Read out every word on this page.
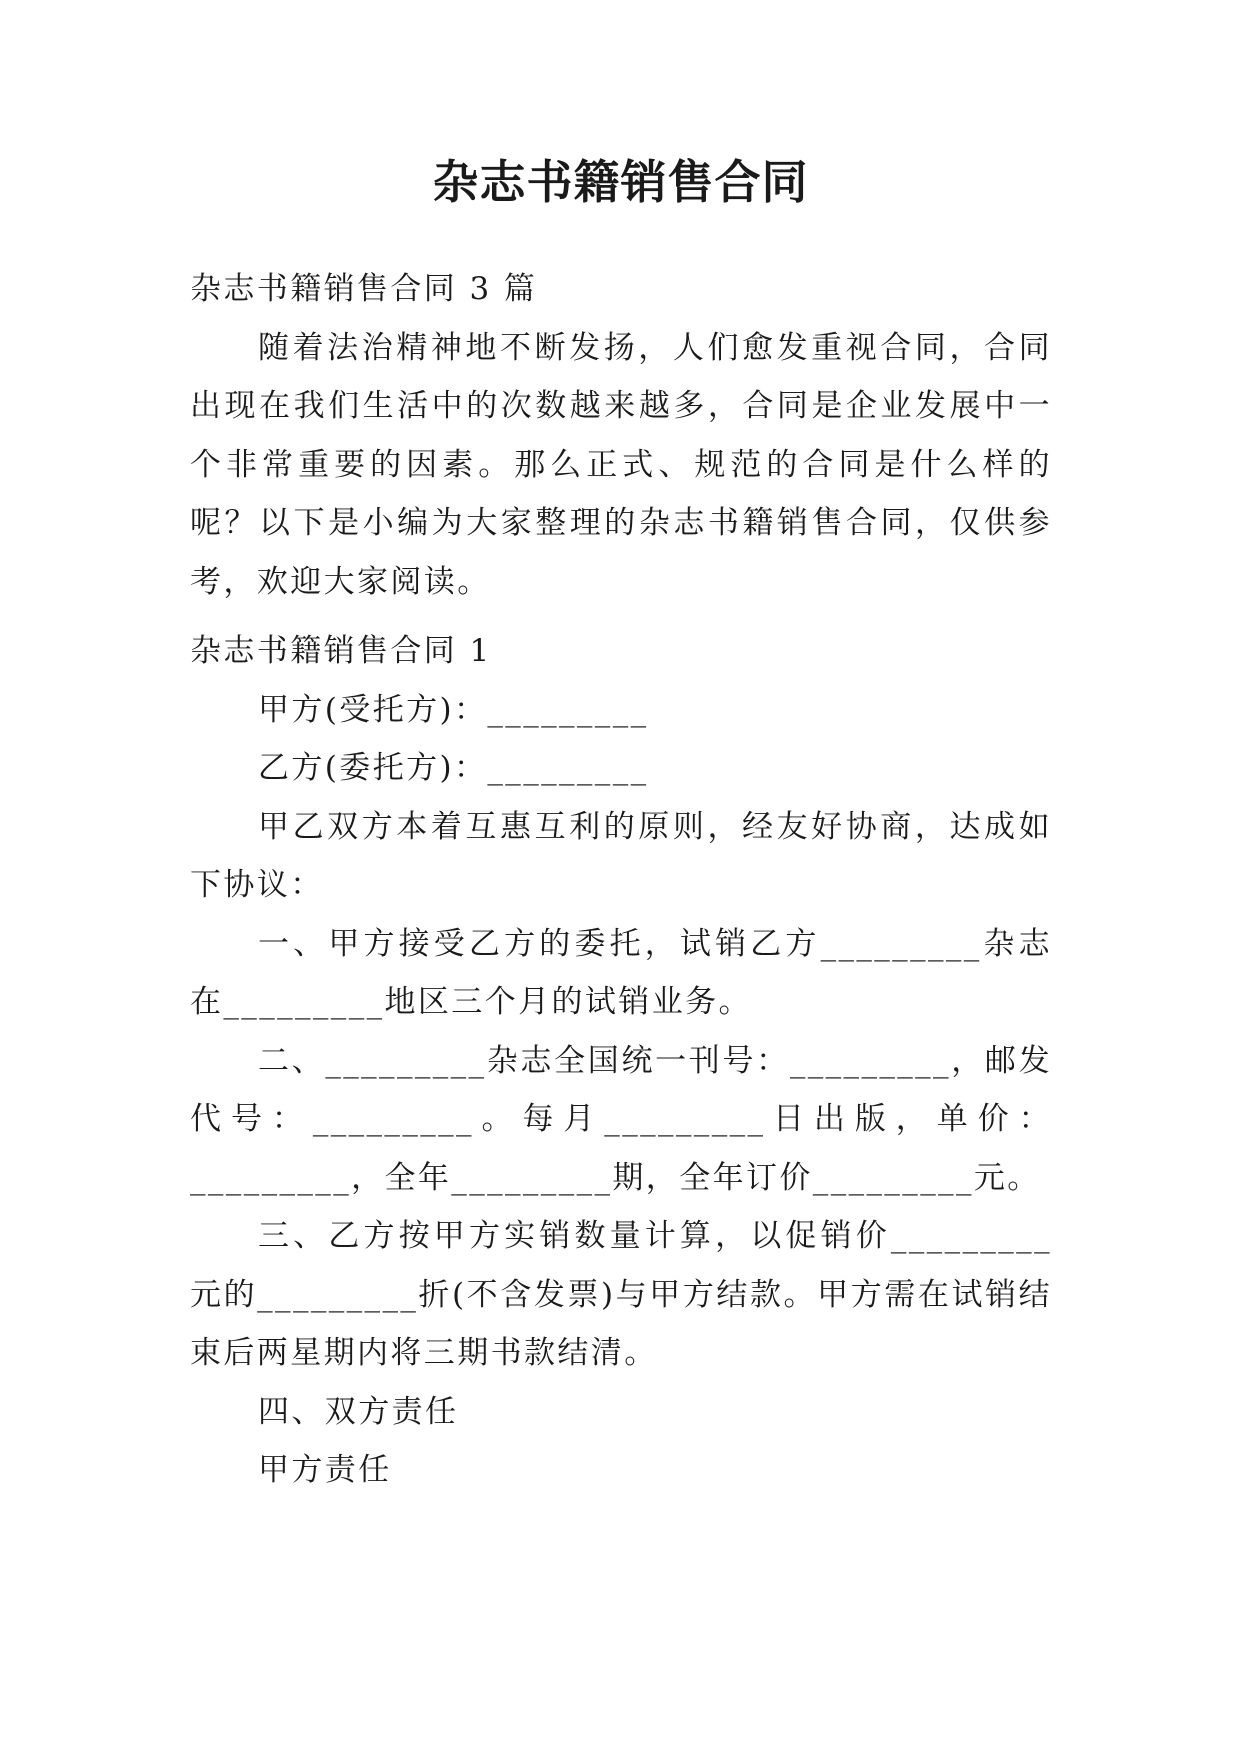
杂志书籍销售合同

杂志书籍销售合同 3 篇

随着法治精神地不断发扬，人们愈发重视合同，合同出现在我们生活中的次数越来越多，合同是企业发展中一个非常重要的因素。那么正式、规范的合同是什么样的呢？以下是小编为大家整理的杂志书籍销售合同，仅供参考，欢迎大家阅读。

杂志书籍销售合同 1

甲方(受托方)：_________

乙方(委托方)：_________

甲乙双方本着互惠互利的原则，经友好协商，达成如下协议：

一、甲方接受乙方的委托，试销乙方_________杂志在_________地区三个月的试销业务。

二、_________杂志全国统一刊号：_________，邮发代号：_________。每月_________日出版，单价：_________，全年_________期，全年订价_________元。

三、乙方按甲方实销数量计算，以促销价_________元的_________折(不含发票)与甲方结款。甲方需在试销结束后两星期内将三期书款结清。

四、双方责任

甲方责任
